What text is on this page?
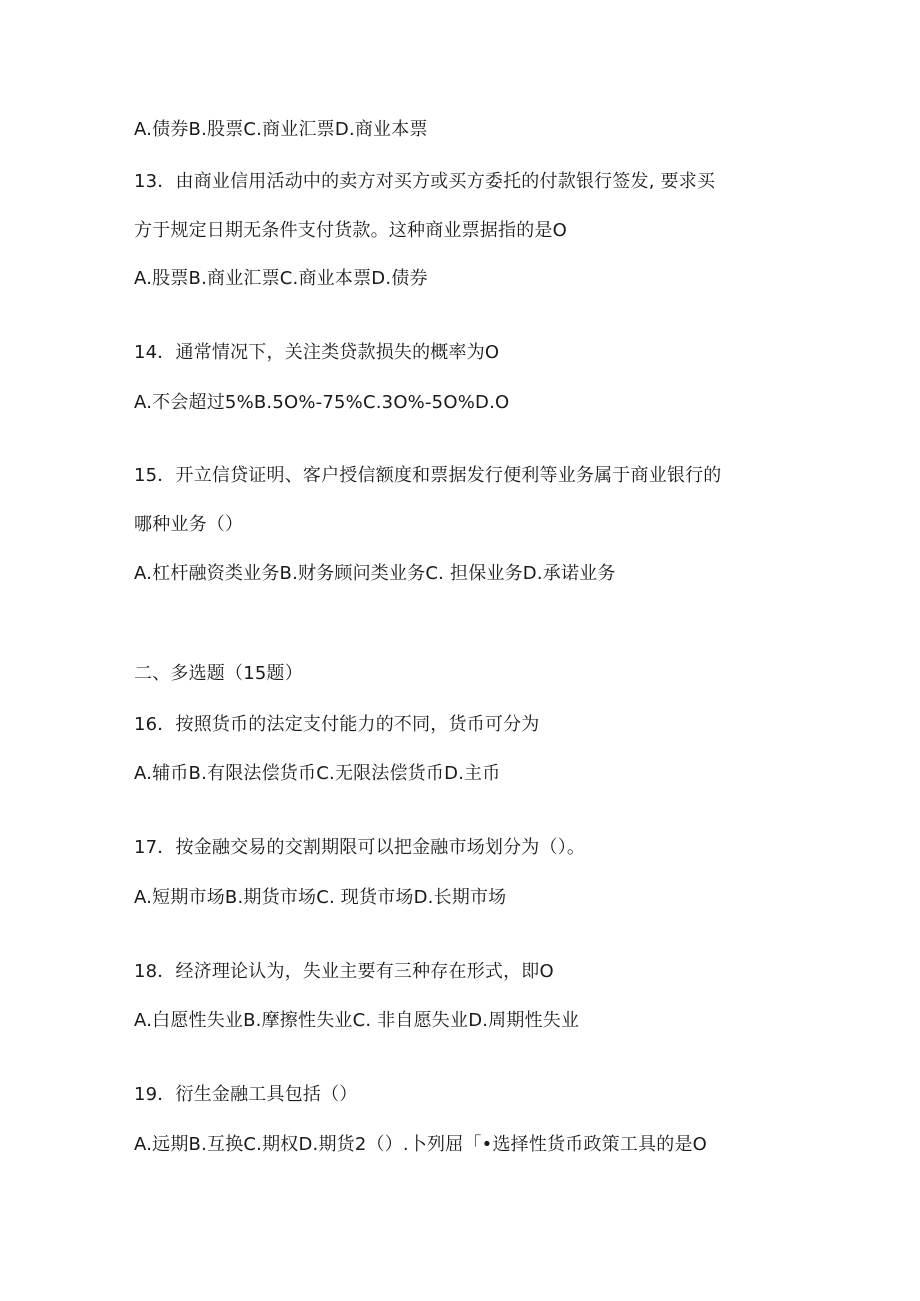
A.债券B.股票C.商业汇票D.商业本票
13．由商业信用活动中的卖方对买方或买方委托的付款银行签发, 要求买
方于规定日期无条件支付货款。这种商业票据指的是O
A.股票B.商业汇票C.商业本票D.债券
14．通常情况下，关注类贷款损失的概率为O
A.不会超过5%B.5O%-75%C.3O%-5O%D.O
15．开立信贷证明、客户授信额度和票据发行便利等业务属于商业银行的
哪种业务（）
A.杠杆融资类业务B.财务顾问类业务C. 担保业务D.承诺业务
二、多选题（15题）
16．按照货币的法定支付能力的不同，货币可分为
A.辅币B.有限法偿货币C.无限法偿货币D.主币
17．按金融交易的交割期限可以把金融市场划分为（）。
A.短期市场B.期货市场C. 现货市场D.长期市场
18．经济理论认为，失业主要有三种存在形式，即O
A.白愿性失业B.摩擦性失业C. 非自愿失业D.周期性失业
19．衍生金融工具包括（）
A.远期B.互换C.期权D.期货2（）.卜列屈「•选择性货币政策工具的是O
